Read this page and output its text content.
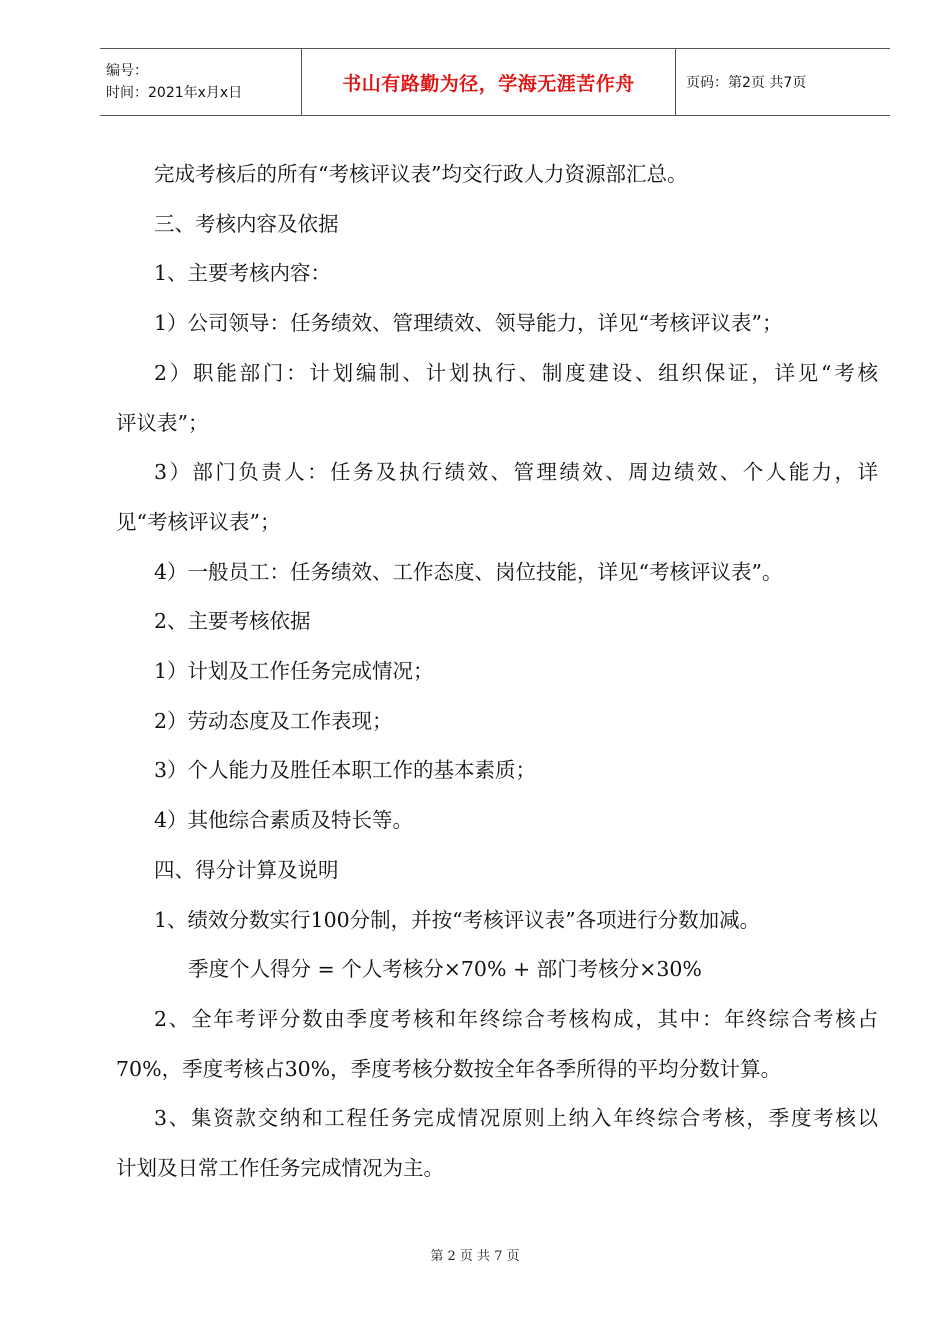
编号：
时间：2021年x月x日	书山有路勤为径，学海无涯苦作舟	页码：第2页 共7页

完成考核后的所有“考核评议表”均交行政人力资源部汇总。

三、考核内容及依据

1、主要考核内容：

1）公司领导：任务绩效、管理绩效、领导能力，详见“考核评议表”；

2）职能部门：计划编制、计划执行、制度建设、组织保证，详见“考核

评议表”；

3）部门负责人：任务及执行绩效、管理绩效、周边绩效、个人能力，详

见“考核评议表”；

4）一般员工：任务绩效、工作态度、岗位技能，详见“考核评议表”。

2、主要考核依据

1）计划及工作任务完成情况；

2）劳动态度及工作表现；

3）个人能力及胜任本职工作的基本素质；

4）其他综合素质及特长等。

四、得分计算及说明

1、绩效分数实行100分制，并按“考核评议表”各项进行分数加减。

季度个人得分 = 个人考核分×70% + 部门考核分×30%

2、全年考评分数由季度考核和年终综合考核构成，其中：年终综合考核占

70%，季度考核占30%，季度考核分数按全年各季所得的平均分数计算。

3、集资款交纳和工程任务完成情况原则上纳入年终综合考核，季度考核以

计划及日常工作任务完成情况为主。

第 2 页 共 7 页
